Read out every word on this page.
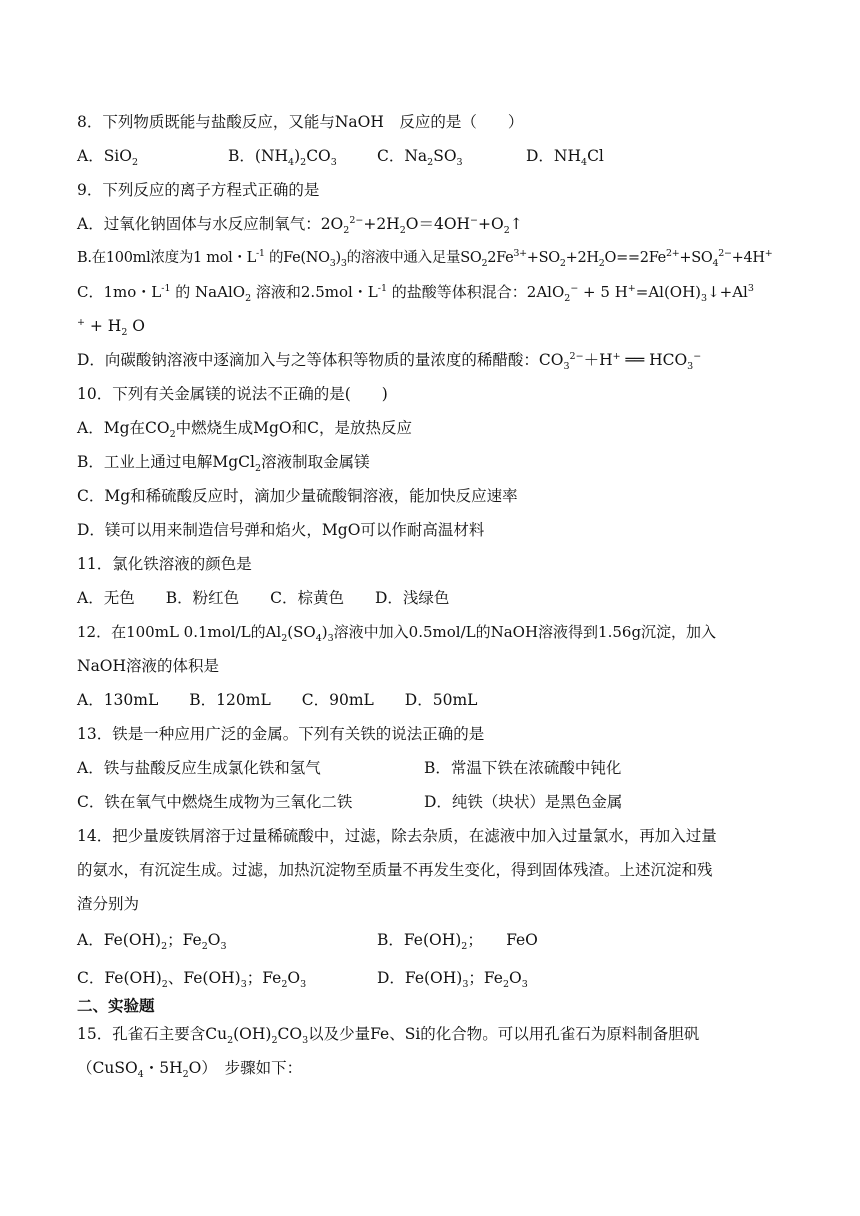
8．下列物质既能与盐酸反应，又能与NaOH　反应的是（　　）
A．SiO$_2$	B．$(NH_4)_2CO_3$	C．$Na_2SO_3$	D．$NH_4Cl$
9．下列反应的离子方程式正确的是
A．过氧化钠固体与水反应制氧气：$2O_2^{2-}+2H_2O=4OH^-+O_2↑$
B.在100ml浓度为1 mol・$L^{-1}$ 的$Fe(NO_3)_3$的溶液中通入足量$SO_22Fe^{3+}+SO_2+2H_2O==2Fe^{2+}+SO_4^{2-}+4H^+$
C．1mo・$L^{-1}$ 的 NaAlO$_2$ 溶液和2.5mol・$L^{-1}$ 的盐酸等体积混合：2AlO$_2$− + 5 $H^+=Al(OH)_3↓+Al^3$
$^+ + H_2$ O
D．向碳酸钠溶液中逐滴加入与之等体积等物质的量浓度的稀醋酸：$CO_3^{2-}+H^+$ ══ $HCO_3^-$
10．下列有关金属镁的说法不正确的是(　　)
A．Mg在$CO_2$中燃烧生成MgO和C，是放热反应
B．工业上通过电解MgCl$_2$溶液制取金属镁
C．Mg和稀硫酸反应时，滴加少量硫酸铜溶液，能加快反应速率
D．镁可以用来制造信号弹和焰火，MgO可以作耐高温材料
11．氯化铁溶液的颜色是
A．无色　　B．粉红色　　C．棕黄色　　D．浅绿色
12．在100mL 0.1mol/L的$Al_2(SO_4)_3$溶液中加入0.5mol/L的NaOH溶液得到1.56g沉淀，加入
NaOH溶液的体积是
A．130mL　　B．120mL　　C．90mL　　D．50mL
13．铁是一种应用广泛的金属。下列有关铁的说法正确的是
A．铁与盐酸反应生成氯化铁和氢气	B．常温下铁在浓硫酸中钝化
C．铁在氧气中燃烧生成物为三氧化二铁	D．纯铁（块状）是黑色金属
14．把少量废铁屑溶于过量稀硫酸中，过滤，除去杂质，在滤液中加入过量氯水，再加入过量
的氨水，有沉淀生成。过滤，加热沉淀物至质量不再发生变化，得到固体残渣。上述沉淀和残
渣分别为
A．$Fe(OH)_2$；$Fe_2O_3$	B．$Fe(OH)_2$；　　FeO
C．$Fe(OH)_2$、$Fe(OH)_3$；$Fe_2O_3$	D．$Fe(OH)_3$；$Fe_2O_3$
二、实验题
15．孔雀石主要含$Cu_2(OH)_2CO_3$以及少量Fe、Si的化合物。可以用孔雀石为原料制备胆矾
（CuSO$_4$・$5H_2O$）　步骤如下：
